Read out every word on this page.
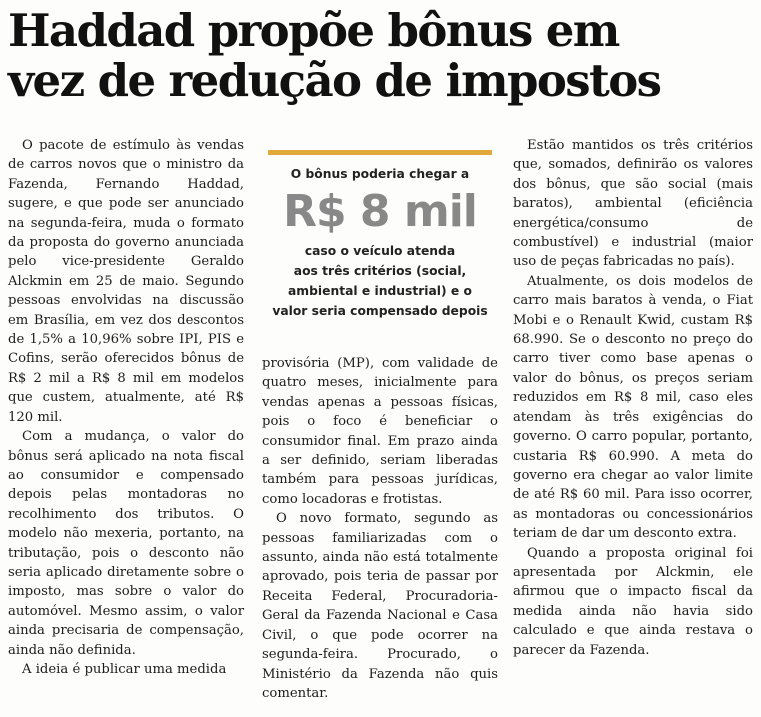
Haddad propõe bônus em
vez de redução de impostos

O pacote de estímulo às vendas de carros novos que o ministro da Fazenda, Fernando Haddad, sugere, e que pode ser anunciado na segunda-feira, muda o formato da proposta do governo anunciada pelo vice-presidente Geraldo Alckmin em 25 de maio. Segundo pessoas envolvidas na discussão em Brasília, em vez dos descontos de 1,5% a 10,96% sobre IPI, PIS e Cofins, serão oferecidos bônus de R$ 2 mil a R$ 8 mil em modelos que custem, atualmente, até R$ 120 mil.

Com a mudança, o valor do bônus será aplicado na nota fiscal ao consumidor e compensado depois pelas montadoras no recolhimento dos tributos. O modelo não mexeria, portanto, na tributação, pois o desconto não seria aplicado diretamente sobre o imposto, mas sobre o valor do automóvel. Mesmo assim, o valor ainda precisaria de compensação, ainda não definida.

A ideia é publicar uma medida

O bônus poderia chegar a
R$ 8 mil
caso o veículo atenda
aos três critérios (social,
ambiental e industrial) e o
valor seria compensado depois

provisória (MP), com validade de quatro meses, inicialmente para vendas apenas a pessoas físicas, pois o foco é beneficiar o consumidor final. Em prazo ainda a ser definido, seriam liberadas também para pessoas jurídicas, como locadoras e frotistas.

O novo formato, segundo as pessoas familiarizadas com o assunto, ainda não está totalmente aprovado, pois teria de passar por Receita Federal, Procuradoria-Geral da Fazenda Nacional e Casa Civil, o que pode ocorrer na segunda-feira. Procurado, o Ministério da Fazenda não quis comentar.

Estão mantidos os três critérios que, somados, definirão os valores dos bônus, que são social (mais baratos), ambiental (eficiência energética/consumo de combustível) e industrial (maior uso de peças fabricadas no país).

Atualmente, os dois modelos de carro mais baratos à venda, o Fiat Mobi e o Renault Kwid, custam R$ 68.990. Se o desconto no preço do carro tiver como base apenas o valor do bônus, os preços seriam reduzidos em R$ 8 mil, caso eles atendam às três exigências do governo. O carro popular, portanto, custaria R$ 60.990. A meta do governo era chegar ao valor limite de até R$ 60 mil. Para isso ocorrer, as montadoras ou concessionários teriam de dar um desconto extra.

Quando a proposta original foi apresentada por Alckmin, ele afirmou que o impacto fiscal da medida ainda não havia sido calculado e que ainda restava o parecer da Fazenda.
